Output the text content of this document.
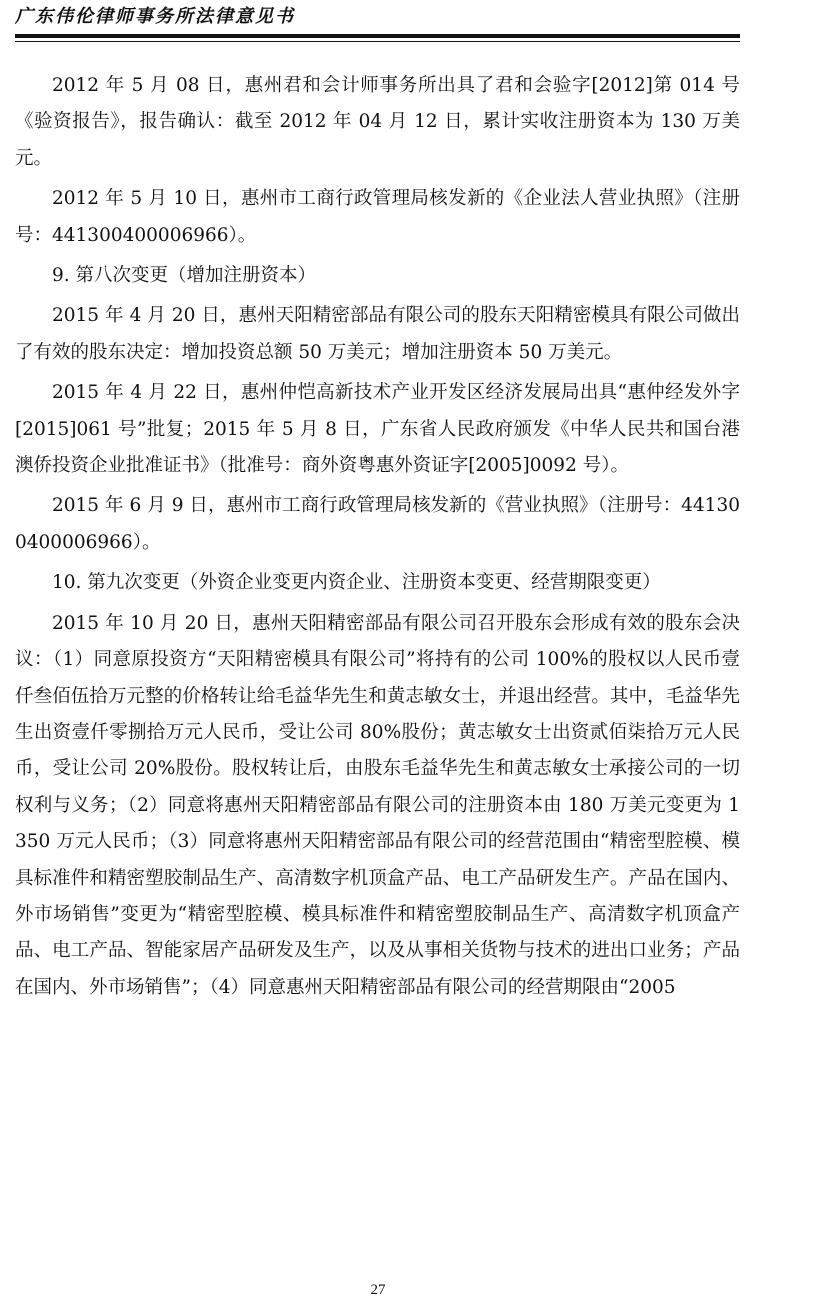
广东伟伦律师事务所法律意见书

2012 年 5 月 08 日，惠州君和会计师事务所出具了君和会验字[2012]第 014 号《验资报告》，报告确认：截至 2012 年 04 月 12 日，累计实收注册资本为 130 万美元。

2012 年 5 月 10 日，惠州市工商行政管理局核发新的《企业法人营业执照》（注册号：441300400006966）。

9. 第八次变更（增加注册资本）

2015 年 4 月 20 日，惠州天阳精密部品有限公司的股东天阳精密模具有限公司做出了有效的股东决定：增加投资总额 50 万美元；增加注册资本 50 万美元。

2015 年 4 月 22 日，惠州仲恺高新技术产业开发区经济发展局出具“惠仲经发外字[2015]061 号”批复；2015 年 5 月 8 日，广东省人民政府颁发《中华人民共和国台港澳侨投资企业批准证书》（批准号：商外资粤惠外资证字[2005]0092 号）。

2015 年 6 月 9 日，惠州市工商行政管理局核发新的《营业执照》（注册号：441300400006966）。

10. 第九次变更（外资企业变更内资企业、注册资本变更、经营期限变更）

2015 年 10 月 20 日，惠州天阳精密部品有限公司召开股东会形成有效的股东会决议：（1）同意原投资方“天阳精密模具有限公司”将持有的公司 100%的股权以人民币壹仟叁佰伍拾万元整的价格转让给毛益华先生和黄志敏女士，并退出经营。其中，毛益华先生出资壹仟零捌拾万元人民币，受让公司 80%股份；黄志敏女士出资贰佰柒拾万元人民币，受让公司 20%股份。股权转让后，由股东毛益华先生和黄志敏女士承接公司的一切权利与义务；（2）同意将惠州天阳精密部品有限公司的注册资本由 180 万美元变更为 1350 万元人民币；（3）同意将惠州天阳精密部品有限公司的经营范围由“精密型腔模、模具标准件和精密塑胶制品生产、高清数字机顶盒产品、电工产品研发生产。产品在国内、外市场销售”变更为“精密型腔模、模具标准件和精密塑胶制品生产、高清数字机顶盒产品、电工产品、智能家居产品研发及生产，以及从事相关货物与技术的进出口业务；产品在国内、外市场销售”；（4）同意惠州天阳精密部品有限公司的经营期限由“2005

27
